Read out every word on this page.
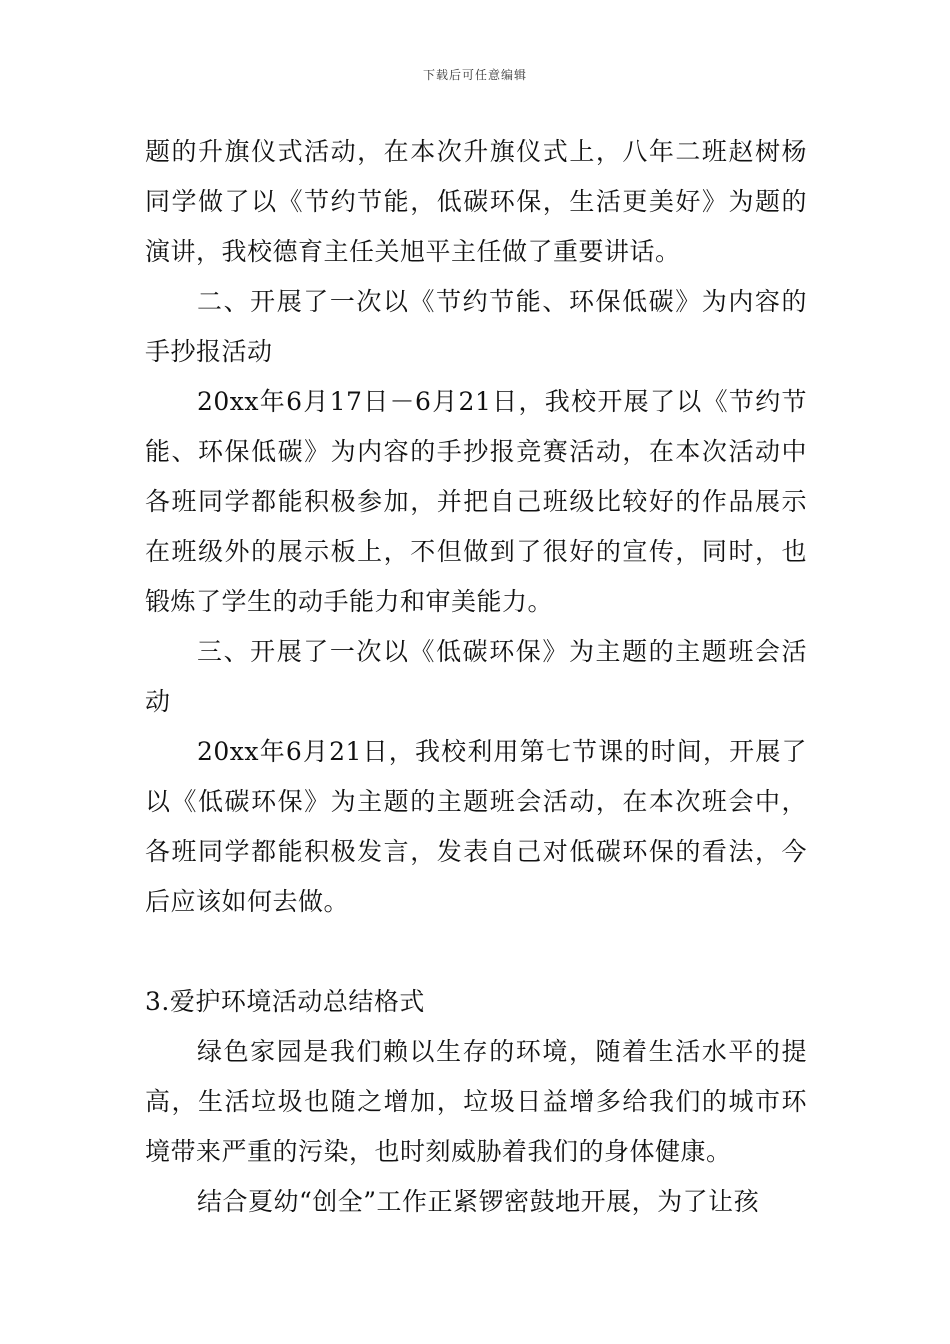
下载后可任意编辑

题的升旗仪式活动，在本次升旗仪式上，八年二班赵树杨同学做了以《节约节能，低碳环保，生活更美好》为题的演讲，我校德育主任关旭平主任做了重要讲话。

二、开展了一次以《节约节能、环保低碳》为内容的手抄报活动

20xx年6月17日－6月21日，我校开展了以《节约节能、环保低碳》为内容的手抄报竞赛活动，在本次活动中各班同学都能积极参加，并把自己班级比较好的作品展示在班级外的展示板上，不但做到了很好的宣传，同时，也锻炼了学生的动手能力和审美能力。

三、开展了一次以《低碳环保》为主题的主题班会活动

20xx年6月21日，我校利用第七节课的时间，开展了以《低碳环保》为主题的主题班会活动，在本次班会中，各班同学都能积极发言，发表自己对低碳环保的看法，今后应该如何去做。

3.爱护环境活动总结格式

绿色家园是我们赖以生存的环境，随着生活水平的提高，生活垃圾也随之增加，垃圾日益增多给我们的城市环境带来严重的污染，也时刻威胁着我们的身体健康。

结合夏幼“创全”工作正紧锣密鼓地开展，为了让孩
